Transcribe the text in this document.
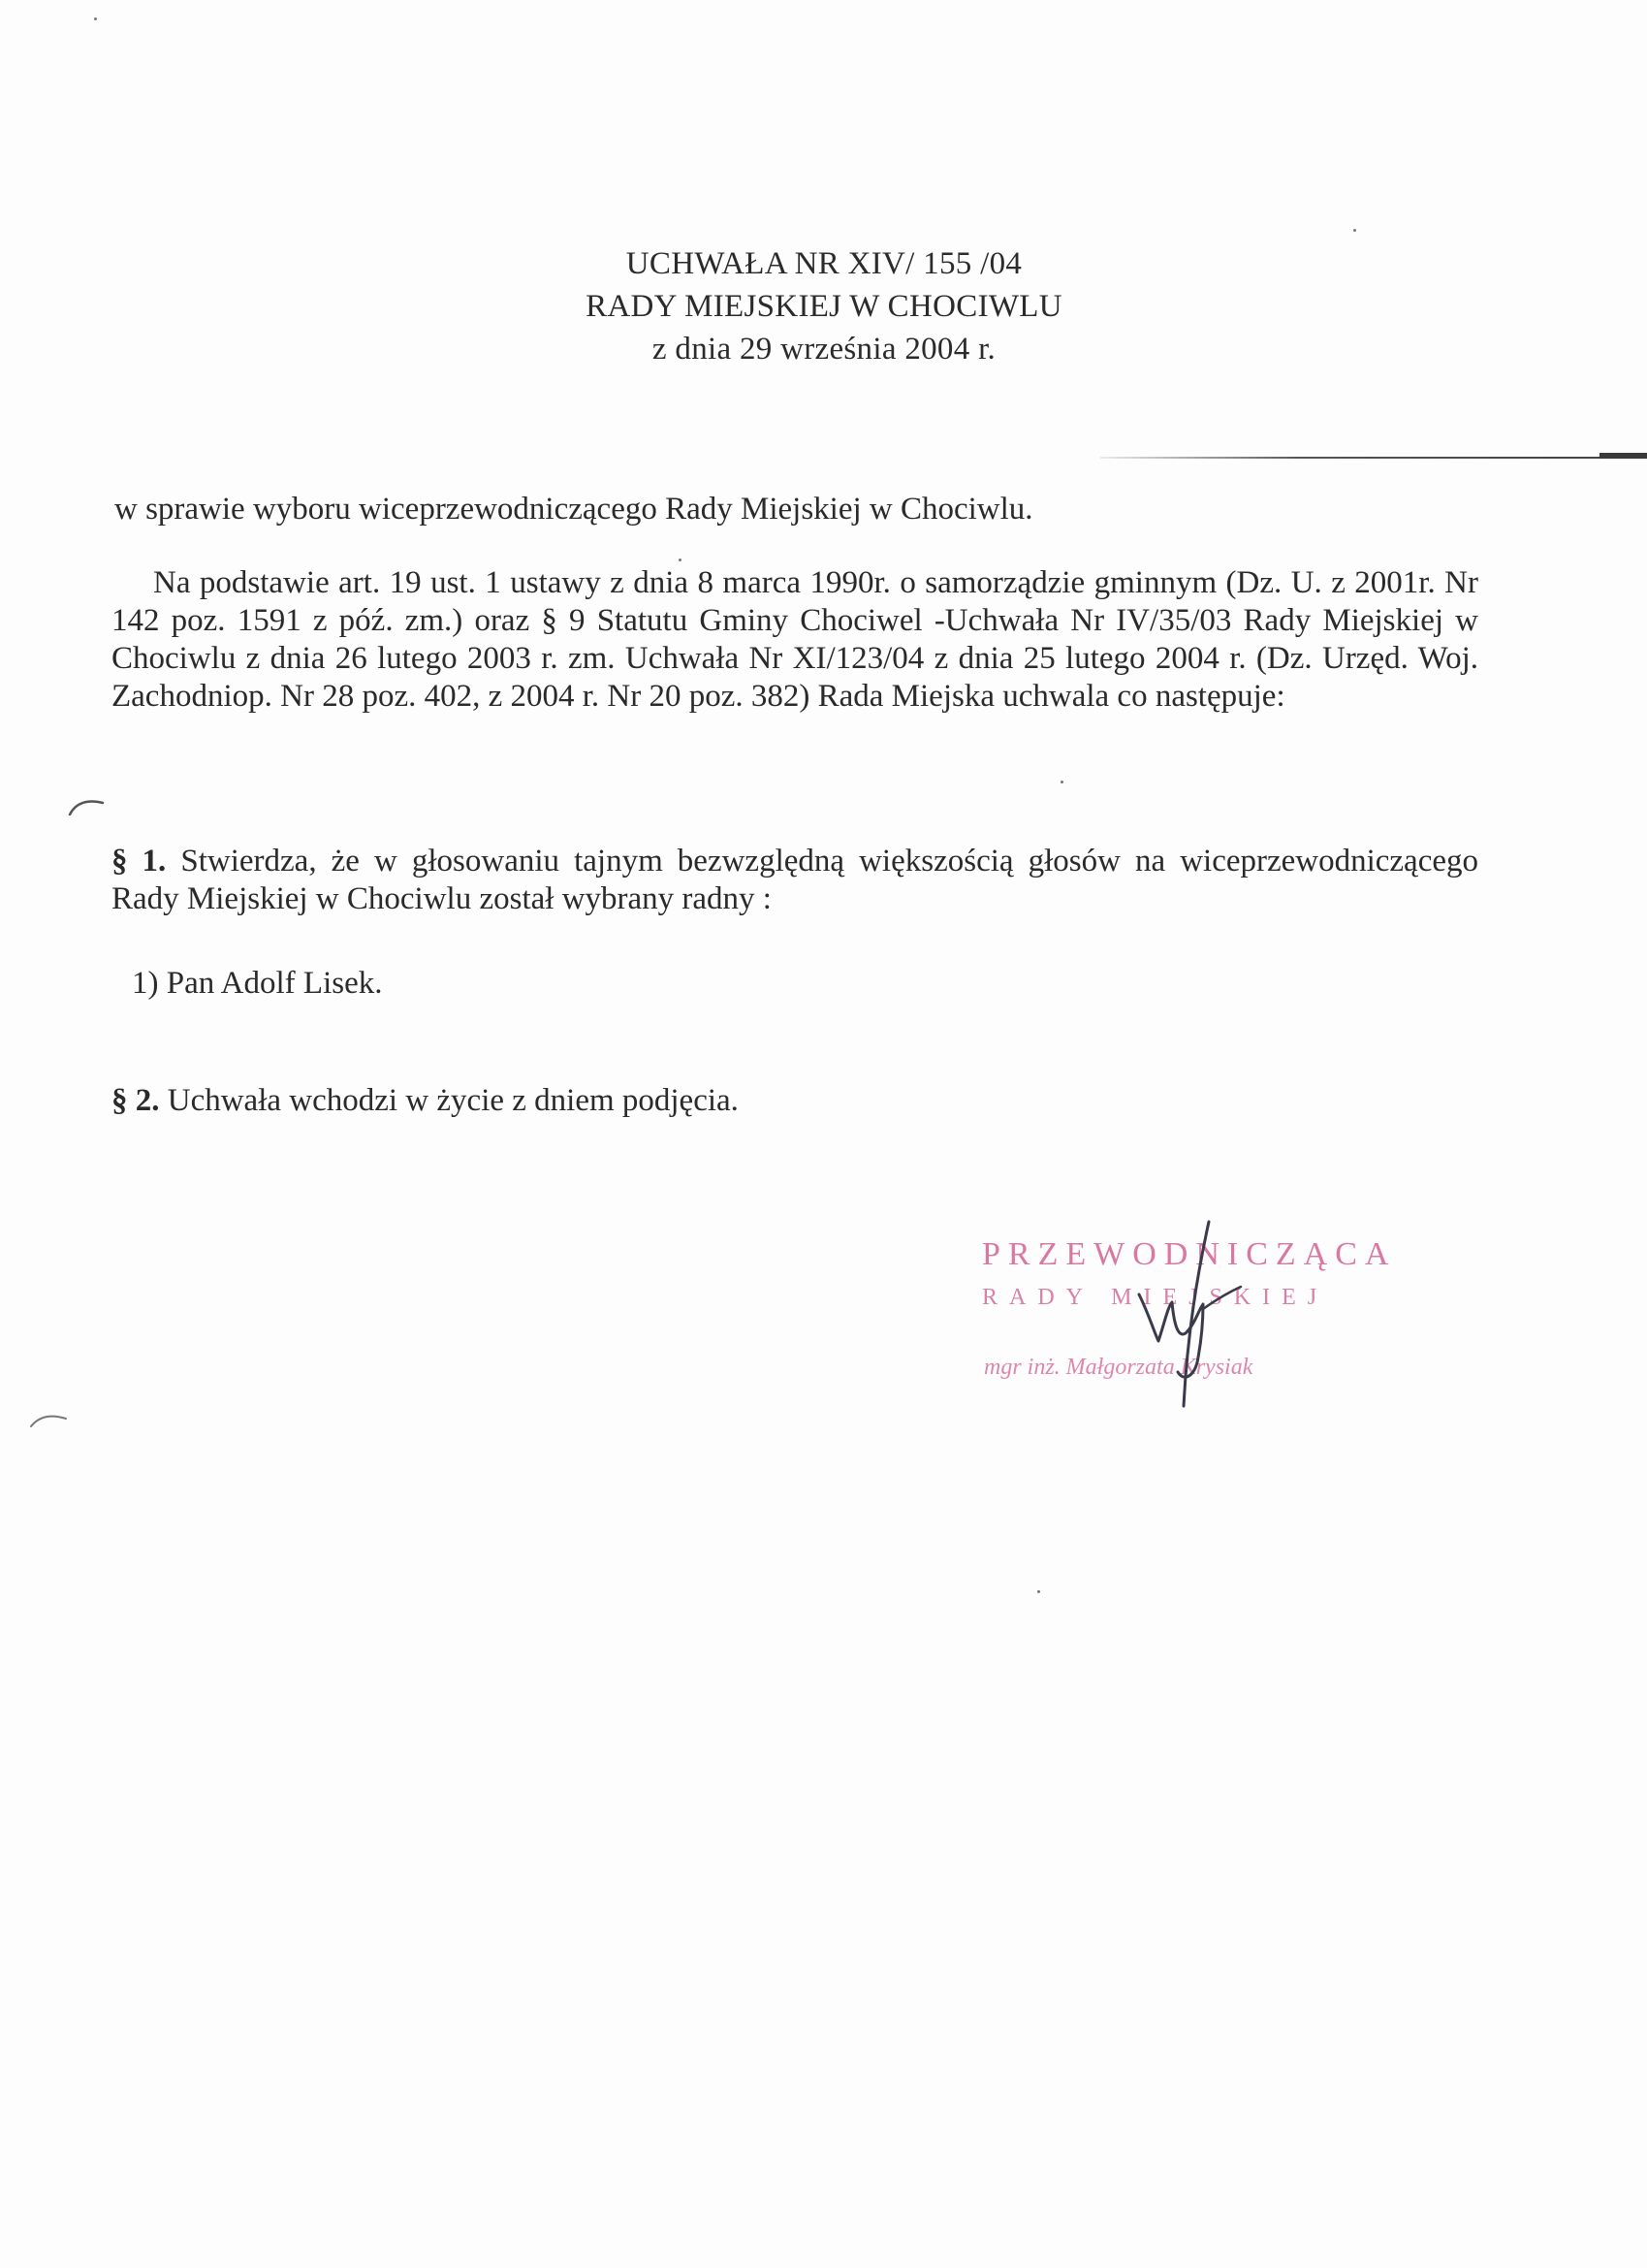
UCHWAŁA NR XIV/ 155 /04
RADY MIEJSKIEJ W CHOCIWLU
z dnia 29 września 2004 r.
w sprawie wyboru wiceprzewodniczącego Rady Miejskiej w Chociwlu.
Na podstawie art. 19 ust. 1 ustawy z dnia 8 marca 1990r. o samorządzie gminnym (Dz. U. z 2001r. Nr 142 poz. 1591 z póź. zm.) oraz § 9 Statutu Gminy Chociwel -Uchwała Nr IV/35/03 Rady Miejskiej w Chociwlu z dnia 26 lutego 2003 r. zm. Uchwała Nr XI/123/04 z dnia 25 lutego 2004 r. (Dz. Urzęd. Woj. Zachodniop. Nr 28 poz. 402, z 2004 r. Nr 20 poz. 382) Rada Miejska uchwala co następuje:
§ 1. Stwierdza, że w głosowaniu tajnym bezwzględną większością głosów na wiceprzewodniczącego Rady Miejskiej w Chociwlu został wybrany radny :
1) Pan Adolf Lisek.
§ 2. Uchwała wchodzi w życie z dniem podjęcia.
PRZEWODNICZĄCA
RADY MIEJSKIEJ
mgr inż. Małgorzata Krysiak
